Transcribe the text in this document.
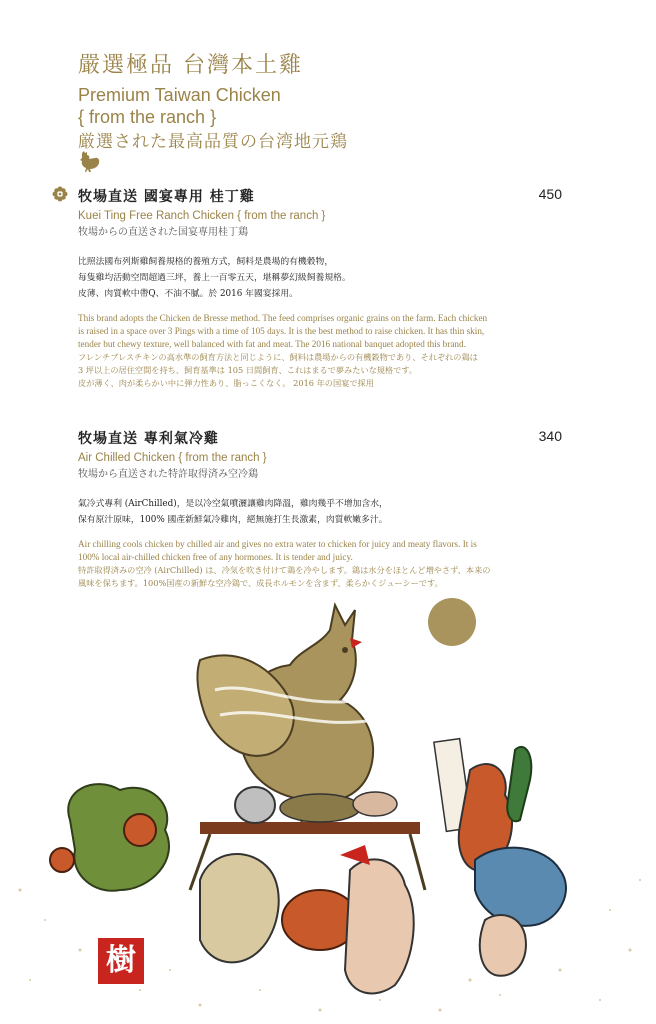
嚴選極品 台灣本土雞
Premium Taiwan Chicken
{ from the ranch }
厳選された最高品質の台湾地元鶏
牧場直送 國宴專用 桂丁雞	450
Kuei Ting Free Ranch Chicken { from the ranch }
牧場からの直送された国宴専用桂丁鶏
比照法國布列斯雞飼養規格的養殖方式，飼料是農場的有機穀物，
每隻雞均活動空間超過三坪，養上一百零五天，堪稱夢幻級飼養規格。
皮薄、肉質軟中帶Q、不油不膩。於 2016 年國宴採用。
This brand adopts the Chicken de Bresse method. The feed comprises organic grains on the farm. Each chicken
is raised in a space over 3 Pings with a time of 105 days. It is the best method to raise chicken. It has thin skin,
tender but chewy texture, well balanced with fat and meat. The 2016 national banquet adopted this brand.
フレンチブレスチキンの高水準の飼育方法と同じように、飼料は農場からの有機穀物であり、それぞれの鶏は
3 坪以上の居住空間を持ち、飼育基準は 105 日間飼育、これはまるで夢みたいな規格です。
皮が薄く、肉が柔らかい中に弾力性あり、脂っこくなく。 2016 年の国宴で採用
牧場直送 專利氣冷雞	340
Air Chilled Chicken { from the ranch }
牧場から直送された特許取得済み空冷鶏
氣冷式專利 (AirChilled)，是以冷空氣噴灑讓雞肉降溫，雞肉幾乎不增加含水，
保有原汁原味，100% 國產新鮮氣冷雞肉，絕無施打生長激素，肉質軟嫩多汁。
Air chilling cools chicken by chilled air and gives no extra water to chicken for juicy and meaty flavors. It is
100% local air-chilled chicken free of any hormones. It is tender and juicy.
特許取得済みの空冷 (AirChilled) は、冷気を吹き付けて鶏を冷やします。鶏は水分をほとんど増やさず、本来の
風味を保ちます。100%国産の新鮮な空冷鶏で、成長ホルモンを含まず、柔らかくジューシーです。
樹
